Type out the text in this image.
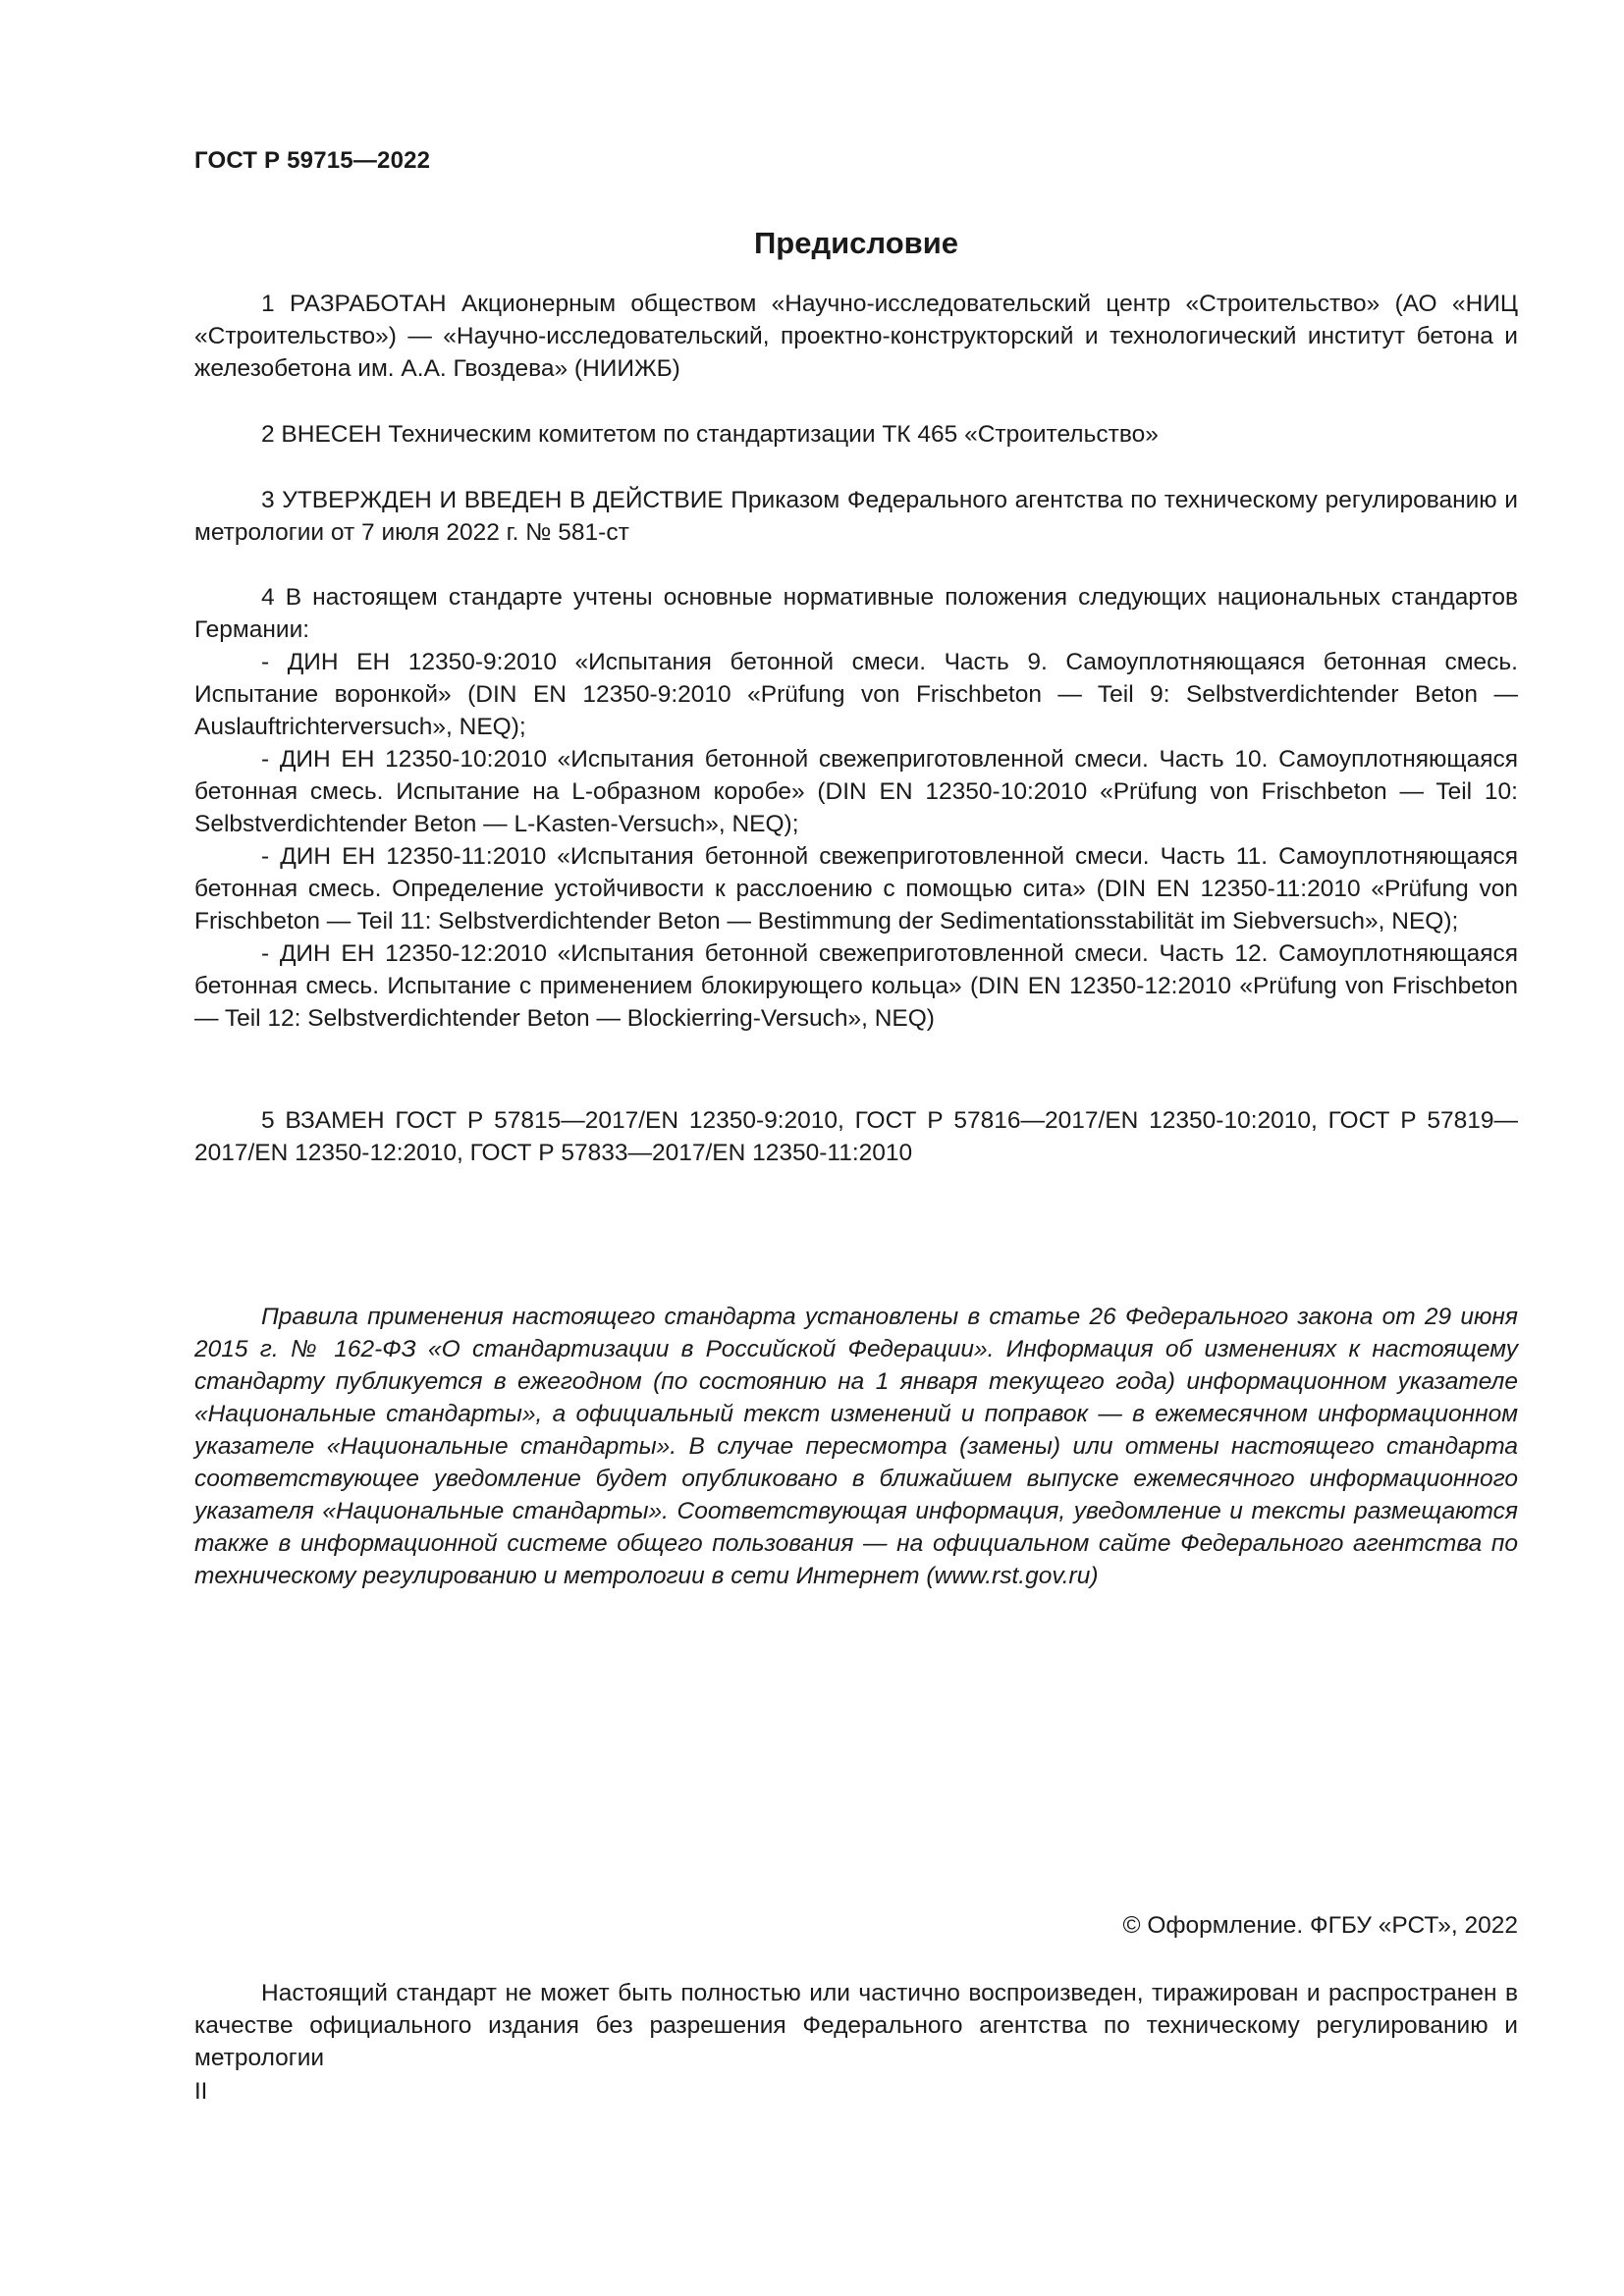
ГОСТ Р 59715—2022
Предисловие

1 РАЗРАБОТАН Акционерным обществом «Научно-исследовательский центр «Строительство» (АО «НИЦ «Строительство») — «Научно-исследовательский, проектно-конструкторский и технологический институт бетона и железобетона им. А.А. Гвоздева» (НИИЖБ)

2 ВНЕСЕН Техническим комитетом по стандартизации ТК 465 «Строительство»

3 УТВЕРЖДЕН И ВВЕДЕН В ДЕЙСТВИЕ Приказом Федерального агентства по техническому регулированию и метрологии от 7 июля 2022 г. № 581-ст

4 В настоящем стандарте учтены основные нормативные положения следующих национальных стандартов Германии:

- ДИН ЕН 12350-9:2010 «Испытания бетонной смеси. Часть 9. Самоуплотняющаяся бетонная смесь. Испытание воронкой» (DIN EN 12350-9:2010 «Prüfung von Frischbeton — Teil 9: Selbstverdichtender Beton — Auslauftrichterversuch», NEQ);

- ДИН ЕН 12350-10:2010 «Испытания бетонной свежеприготовленной смеси. Часть 10. Самоуплотняющаяся бетонная смесь. Испытание на L-образном коробе» (DIN EN 12350-10:2010 «Prüfung von Frischbeton — Teil 10: Selbstverdichtender Beton — L-Kasten-Versuch», NEQ);

- ДИН ЕН 12350-11:2010 «Испытания бетонной свежеприготовленной смеси. Часть 11. Самоуплотняющаяся бетонная смесь. Определение устойчивости к расслоению с помощью сита» (DIN EN 12350-11:2010 «Prüfung von Frischbeton — Teil 11: Selbstverdichtender Beton — Bestimmung der Sedimentationsstabilität im Siebversuch», NEQ);

- ДИН ЕН 12350-12:2010 «Испытания бетонной свежеприготовленной смеси. Часть 12. Самоуплотняющаяся бетонная смесь. Испытание с применением блокирующего кольца» (DIN EN 12350-12:2010 «Prüfung von Frischbeton — Teil 12: Selbstverdichtender Beton — Blockierring-Versuch», NEQ)

5 ВЗАМЕН ГОСТ Р 57815—2017/EN 12350-9:2010, ГОСТ Р 57816—2017/EN 12350-10:2010, ГОСТ Р 57819—2017/EN 12350-12:2010, ГОСТ Р 57833—2017/EN 12350-11:2010

Правила применения настоящего стандарта установлены в статье 26 Федерального закона от 29 июня 2015 г. № 162-ФЗ «О стандартизации в Российской Федерации». Информация об изменениях к настоящему стандарту публикуется в ежегодном (по состоянию на 1 января текущего года) информационном указателе «Национальные стандарты», а официальный текст изменений и поправок — в ежемесячном информационном указателе «Национальные стандарты». В случае пересмотра (замены) или отмены настоящего стандарта соответствующее уведомление будет опубликовано в ближайшем выпуске ежемесячного информационного указателя «Национальные стандарты». Соответствующая информация, уведомление и тексты размещаются также в информационной системе общего пользования — на официальном сайте Федерального агентства по техническому регулированию и метрологии в сети Интернет (www.rst.gov.ru)

© Оформление. ФГБУ «РСТ», 2022

Настоящий стандарт не может быть полностью или частично воспроизведен, тиражирован и распространен в качестве официального издания без разрешения Федерального агентства по техническому регулированию и метрологии

II
